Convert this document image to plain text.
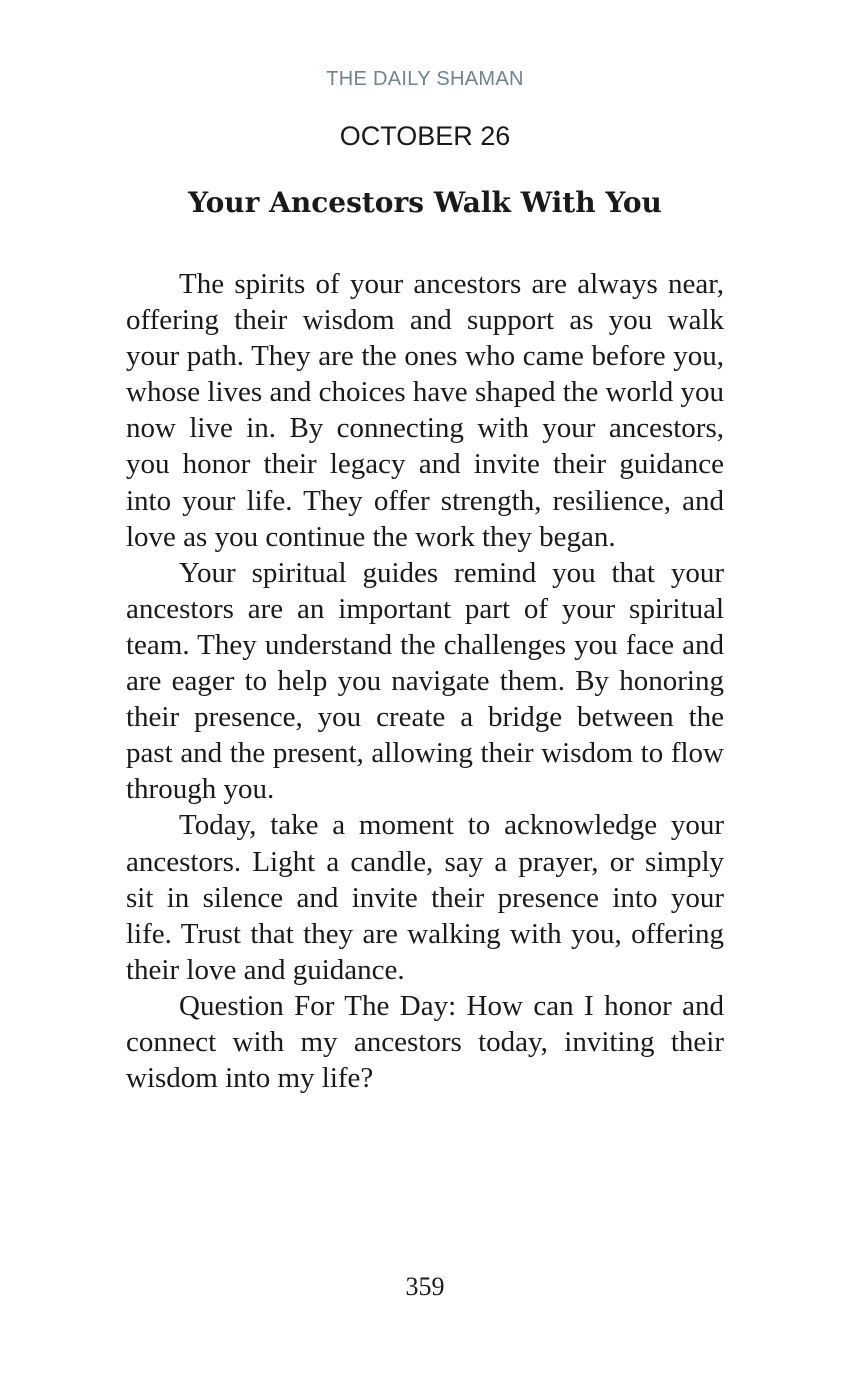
THE DAILY SHAMAN
OCTOBER 26
Your Ancestors Walk With You

The spirits of your ancestors are always near, offering their wisdom and support as you walk your path. They are the ones who came before you, whose lives and choices have shaped the world you now live in. By connecting with your ancestors, you honor their legacy and invite their guidance into your life. They offer strength, resilience, and love as you continue the work they began.

Your spiritual guides remind you that your ancestors are an important part of your spiritual team. They understand the challenges you face and are eager to help you navigate them. By honoring their presence, you create a bridge between the past and the present, allowing their wisdom to flow through you.

Today, take a moment to acknowledge your ancestors. Light a candle, say a prayer, or simply sit in silence and invite their presence into your life. Trust that they are walking with you, offering their love and guidance.

Question For The Day: How can I honor and connect with my ancestors today, inviting their wisdom into my life?

359
